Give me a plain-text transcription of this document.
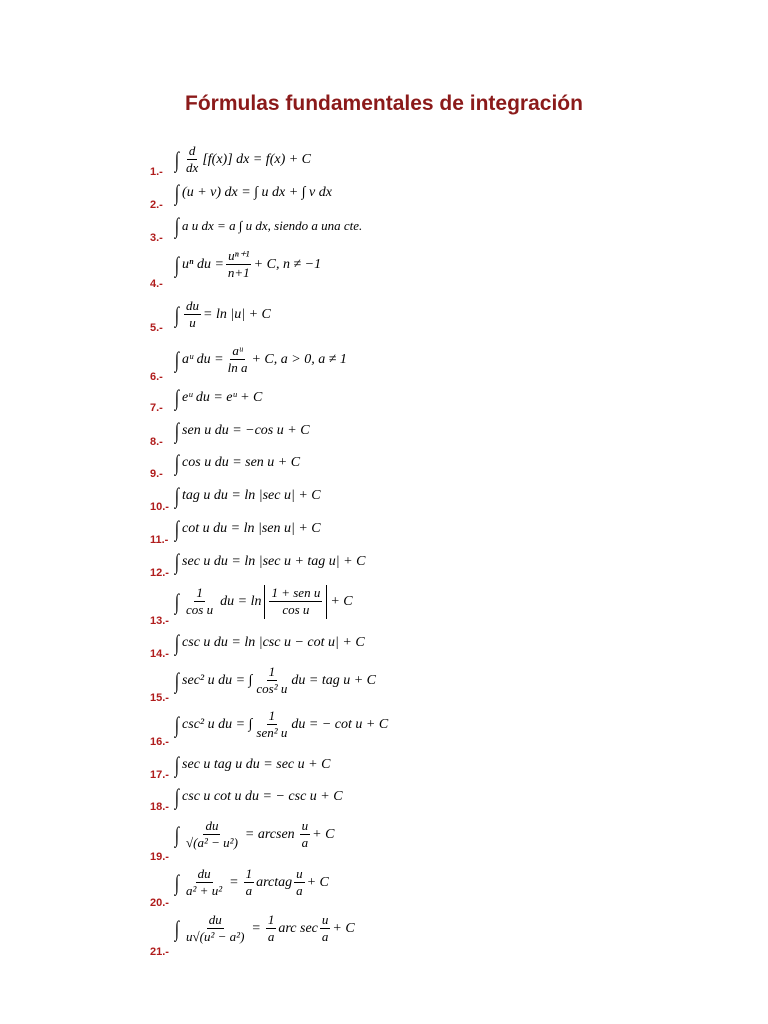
Fórmulas fundamentales de integración
1.-
∫ $\frac{d}{dx} [f(x)]$ dx = f(x) + C
2.- ∫ (u + v) dx = ∫ u dx + ∫ v dx
3.- ∫ a u dx = a ∫ u dx, siendo a una cte.
4.-
∫ uⁿ du = $\frac{\text{uⁿ⁺¹}}{n+1} + C$, n ≠ −1
5.-
∫ $\frac{du}{u} = \ln |u| + C$
6.-
∫ aᵘ du = $\frac{\text{aᵘ}}{\text{ln a}} + C$, a > 0, a ≠ 1
7.- ∫ eᵘ du = eᵘ + C
8.- ∫ sen u du = −cos u + C
9.- ∫ cos u du = sen u + C
10.- ∫ tag u du = ln |sec u| + C
11.- ∫ cot u du = ln |sen u| + C
12.- ∫ sec u du = ln |sec u + tag u| + C
13.-
∫ $\frac{1}{\text{cos u}}$ du = $\ln \frac{\text{1 + sen u}}{\text{cos u}} + C$
14.- ∫ csc u du = ln |csc u − cot u| + C
15.-
∫ sec² u du = ∫ $\frac{1}{\text{cos² u}}$ du = tag u + C
16.-
∫ csc² u du = ∫ $\frac{1}{\text{sen² u}}$ du = − cot u + C
17.- ∫ sec u tag u du = sec u + C
18.- ∫ csc u cot u du = − csc u + C
19.-
∫ $\frac{du}{\text{√(a² − u²)}}$ = arcsen $\frac{u}{a} + C$
20.-
∫ $\frac{du}{\text{a² + u²}} = \frac{1}{a}$ arctag $\frac{u}{a} + C$
21.-
∫ $\frac{du}{\text{u√(u² − a²)}} = \frac{1}{a}$ arc $\sec \frac{u}{a} + C$
